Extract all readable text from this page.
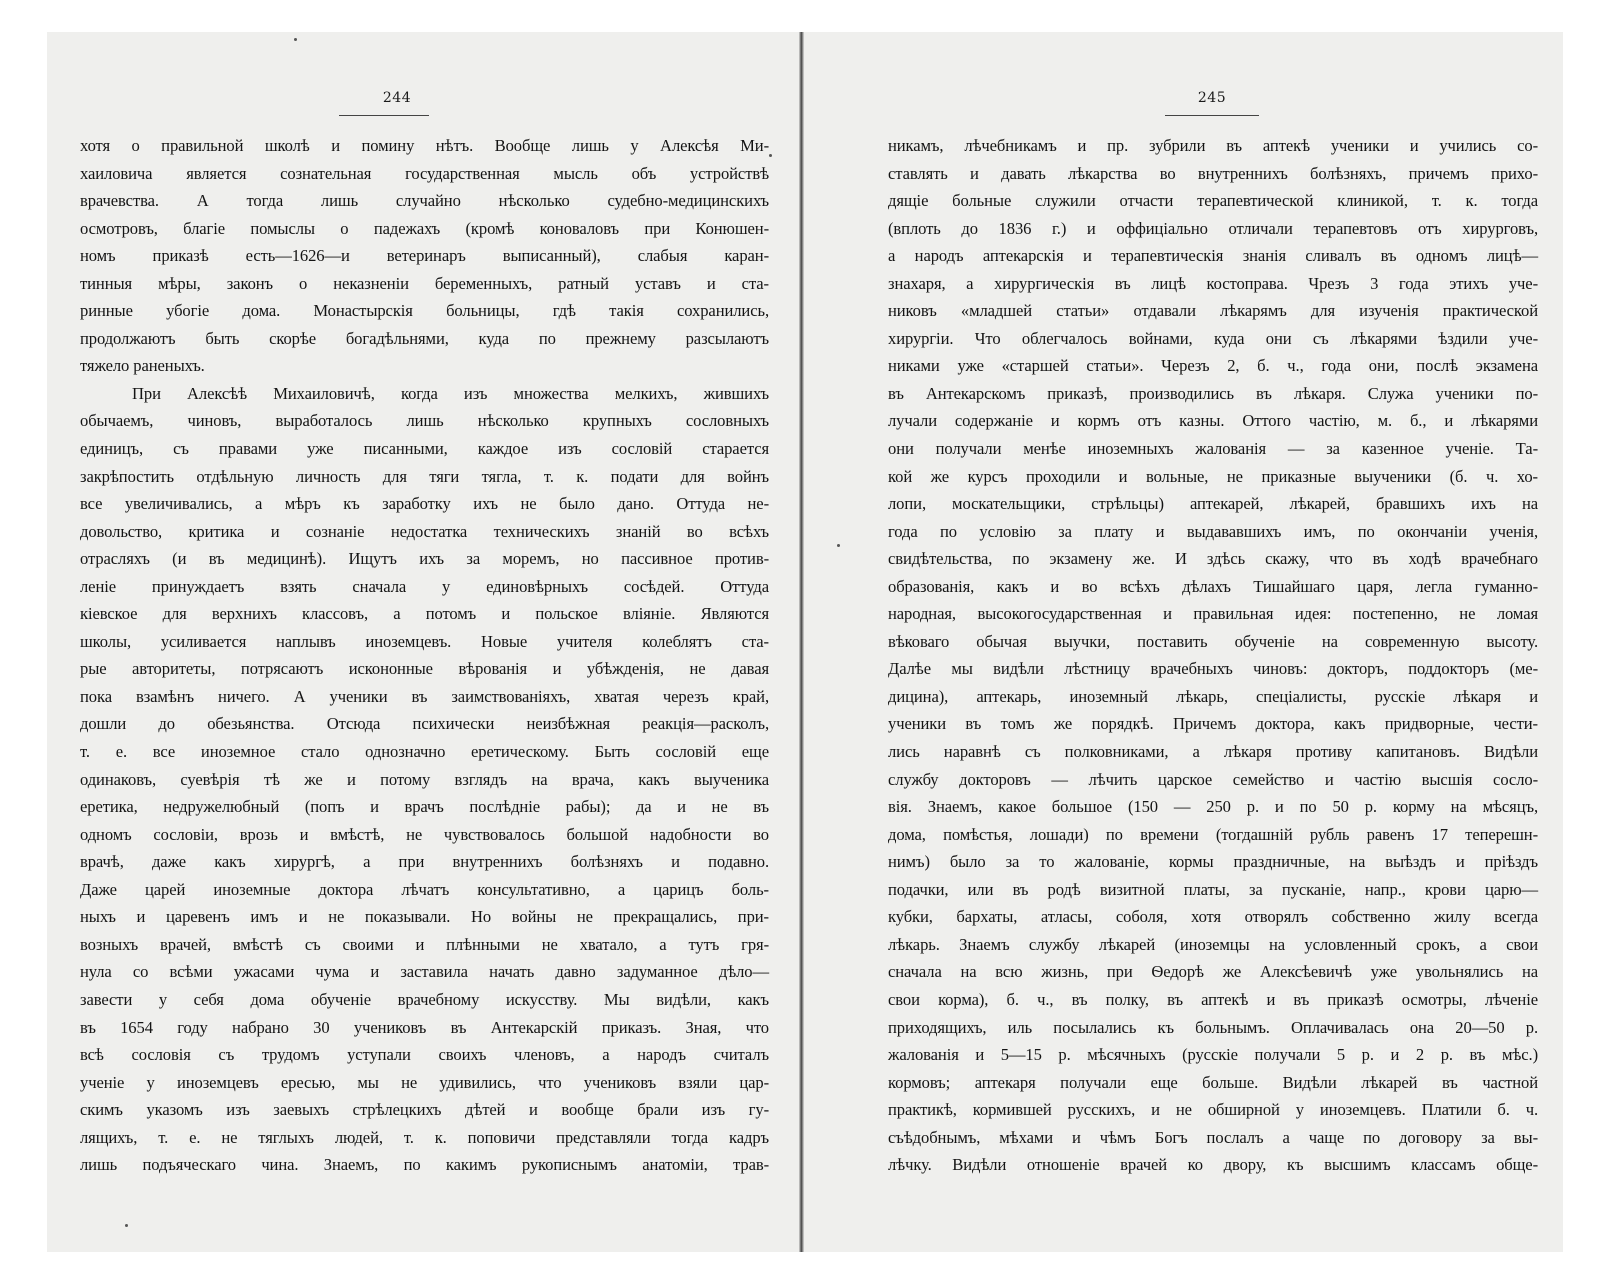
244
хотя о правильной школѣ и помину нѣтъ. Вообще лишь у Алексѣя Ми-
хаиловича является сознательная государственная мысль объ устройствѣ
врачевства. А тогда лишь случайно нѣсколько судебно-медицинскихъ
осмотровъ, благіе помыслы о падежахъ (кромѣ коноваловъ при Конюшен-
номъ приказѣ есть—1626—и ветеринаръ выписанный), слабыя каран-
тинныя мѣры, законъ о неказненіи беременныхъ, ратный уставъ и ста-
ринные убогіе дома. Монастырскія больницы, гдѣ такія сохранились,
продолжаютъ быть скорѣе богадѣльнями, куда по прежнему разсылаютъ
тяжело раненыхъ.
При Алексѣѣ Михаиловичѣ, когда изъ множества мелкихъ, жившихъ
обычаемъ, чиновъ, выработалось лишь нѣсколько крупныхъ сословныхъ
единицъ, съ правами уже писанными, каждое изъ сословій старается
закрѣпостить отдѣльную личность для тяги тягла, т. к. подати для войнъ
все увеличивались, а мѣръ къ заработку ихъ не было дано. Оттуда не-
довольство, критика и сознаніе недостатка техническихъ знаній во всѣхъ
отрасляхъ (и въ медицинѣ). Ищутъ ихъ за моремъ, но пассивное против-
леніе принуждаетъ взять сначала у единовѣрныхъ сосѣдей. Оттуда
кіевское для верхнихъ классовъ, а потомъ и польское вліяніе. Являются
школы, усиливается наплывъ иноземцевъ. Новые учителя колеблятъ ста-
рые авторитеты, потрясаютъ искононные вѣрованія и убѣжденія, не давая
пока взамѣнъ ничего. А ученики въ заимствованіяхъ, хватая черезъ край,
дошли до обезьянства. Отсюда психически неизбѣжная реакція—расколъ,
т. е. все иноземное стало однозначно еретическому. Быть сословій еще
одинаковъ, суевѣрія тѣ же и потому взглядъ на врача, какъ выученика
еретика, недружелюбный (попъ и врачъ послѣдніе рабы); да и не въ
одномъ сословіи, врозь и вмѣстѣ, не чувствовалось большой надобности во
врачѣ, даже какъ хирургѣ, а при внутреннихъ болѣзняхъ и подавно.
Даже царей иноземные доктора лѣчатъ консультативно, а царицъ боль-
ныхъ и царевенъ имъ и не показывали. Но войны не прекращались, при-
возныхъ врачей, вмѣстѣ съ своими и плѣнными не хватало, а тутъ гря-
нула со всѣми ужасами чума и заставила начать давно задуманное дѣло—
завести у себя дома обученіе врачебному искусству. Мы видѣли, какъ
въ 1654 году набрано 30 учениковъ въ Антекарскій приказъ. Зная, что
всѣ сословія съ трудомъ уступали своихъ членовъ, а народъ считалъ
ученіе у иноземцевъ ересью, мы не удивились, что учениковъ взяли цар-
скимъ указомъ изъ заевыхъ стрѣлецкихъ дѣтей и вообще брали изъ гу-
лящихъ, т. е. не тяглыхъ людей, т. к. поповичи представляли тогда кадръ
лишь подъяческаго чина. Знаемъ, по какимъ рукописнымъ анатоміи, трав-
245
никамъ, лѣчебникамъ и пр. зубрили въ аптекѣ ученики и учились со-
ставлять и давать лѣкарства во внутреннихъ болѣзняхъ, причемъ прихо-
дящіе больные служили отчасти терапевтической клиникой, т. к. тогда
(вплоть до 1836 г.) и оффиціально отличали терапевтовъ отъ хирурговъ,
а народъ аптекарскія и терапевтическія знанія сливалъ въ одномъ лицѣ—
знахаря, а хирургическія въ лицѣ костоправа. Чрезъ 3 года этихъ уче-
никовъ «младшей статьи» отдавали лѣкарямъ для изученія практической
хирургіи. Что облегчалось войнами, куда они съ лѣкарями ѣздили уче-
никами уже «старшей статьи». Черезъ 2, б. ч., года они, послѣ экзамена
въ Антекарскомъ приказѣ, производились въ лѣкаря. Служа ученики по-
лучали содержаніе и кормъ отъ казны. Оттого частію, м. б., и лѣкарями
они получали менѣе иноземныхъ жалованія — за казенное ученіе. Та-
кой же курсъ проходили и вольные, не приказные выученики (б. ч. хо-
лопи, москательщики, стрѣльцы) аптекарей, лѣкарей, бравшихъ ихъ на
года по условію за плату и выдававшихъ имъ, по окончаніи ученія,
свидѣтельства, по экзамену же. И здѣсь скажу, что въ ходѣ врачебнаго
образованія, какъ и во всѣхъ дѣлахъ Тишайшаго царя, легла гуманно-
народная, высокогосударственная и правильная идея: постепенно, не ломая
вѣковаго обычая выучки, поставить обученіе на современную высоту.
Далѣе мы видѣли лѣстницу врачебныхъ чиновъ: докторъ, поддокторъ (ме-
дицина), аптекарь, иноземный лѣкарь, спеціалисты, русскіе лѣкаря и
ученики въ томъ же порядкѣ. Причемъ доктора, какъ придворные, чести-
лись наравнѣ съ полковниками, а лѣкаря противу капитановъ. Видѣли
службу докторовъ — лѣчить царское семейство и частію высшія сосло-
вія. Знаемъ, какое большое (150 — 250 р. и по 50 р. корму на мѣсяцъ,
дома, помѣстья, лошади) по времени (тогдашній рубль равенъ 17 теперешн-
нимъ) было за то жалованіе, кормы праздничные, на выѣздъ и пріѣздъ
подачки, или въ родѣ визитной платы, за пусканіе, напр., крови царю—
кубки, бархаты, атласы, соболя, хотя отворялъ собственно жилу всегда
лѣкарь. Знаемъ службу лѣкарей (иноземцы на условленный срокъ, а свои
сначала на всю жизнь, при Ѳедорѣ же Алексѣевичѣ уже увольнялись на
свои корма), б. ч., въ полку, въ аптекѣ и въ приказѣ осмотры, лѣченіе
приходящихъ, иль посылались къ больнымъ. Оплачивалась она 20—50 р.
жалованія и 5—15 р. мѣсячныхъ (русскіе получали 5 р. и 2 р. въ мѣс.)
кормовъ; аптекаря получали еще больше. Видѣли лѣкарей въ частной
практикѣ, кормившей русскихъ, и не обширной у иноземцевъ. Платили б. ч.
съѣдобнымъ, мѣхами и чѣмъ Богъ послалъ а чаще по договору за вы-
лѣчку. Видѣли отношеніе врачей ко двору, къ высшимъ классамъ обще-
